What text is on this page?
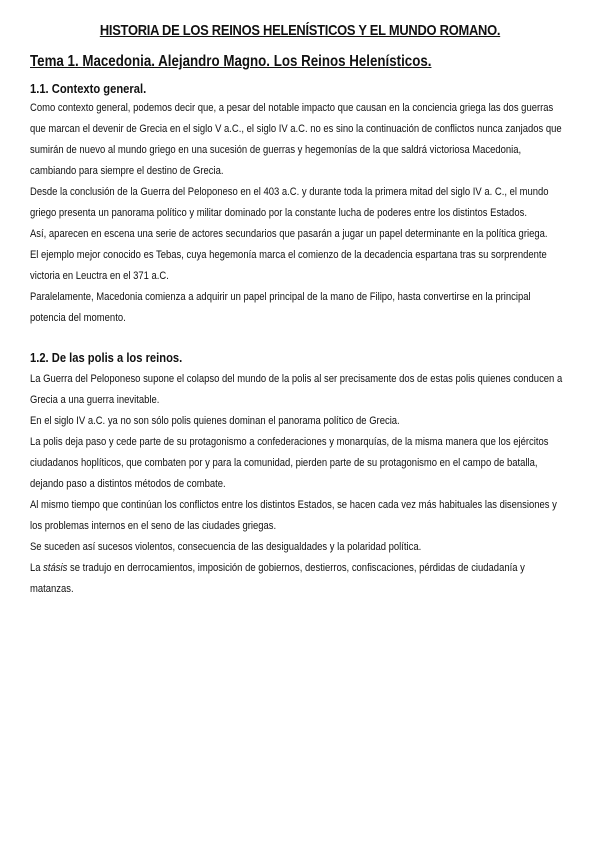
HISTORIA DE LOS REINOS HELENÍSTICOS Y EL MUNDO ROMANO.
Tema 1. Macedonia. Alejandro Magno. Los Reinos Helenísticos.
1.1. Contexto general.

Como contexto general, podemos decir que, a pesar del notable impacto que causan en la conciencia griega las dos guerras que marcan el devenir de Grecia en el siglo V a.C., el siglo IV a.C. no es sino la continuación de conflictos nunca zanjados que sumirán de nuevo al mundo griego en una sucesión de guerras y hegemonías de la que saldrá victoriosa Macedonia, cambiando para siempre el destino de Grecia.

Desde la conclusión de la Guerra del Peloponeso en el 403 a.C. y durante toda la primera mitad del siglo IV a. C., el mundo griego presenta un panorama político y militar dominado por la constante lucha de poderes entre los distintos Estados.

Así, aparecen en escena una serie de actores secundarios que pasarán a jugar un papel determinante en la política griega.

El ejemplo mejor conocido es Tebas, cuya hegemonía marca el comienzo de la decadencia espartana tras su sorprendente victoria en Leuctra en el 371 a.C.

Paralelamente, Macedonia comienza a adquirir un papel principal de la mano de Filipo, hasta convertirse en la principal potencia del momento.

1.2. De las polis a los reinos.

La Guerra del Peloponeso supone el colapso del mundo de la polis al ser precisamente dos de estas polis quienes conducen a Grecia a una guerra inevitable.

En el siglo IV a.C. ya no son sólo polis quienes dominan el panorama político de Grecia.

La polis deja paso y cede parte de su protagonismo a confederaciones y monarquías, de la misma manera que los ejércitos ciudadanos hoplíticos, que combaten por y para la comunidad, pierden parte de su protagonismo en el campo de batalla, dejando paso a distintos métodos de combate.

Al mismo tiempo que continúan los conflictos entre los distintos Estados, se hacen cada vez más habituales las disensiones y los problemas internos en el seno de las ciudades griegas.

Se suceden así sucesos violentos, consecuencia de las desigualdades y la polaridad política.

La stásis se tradujo en derrocamientos, imposición de gobiernos, destierros, confiscaciones, pérdidas de ciudadanía y matanzas.
